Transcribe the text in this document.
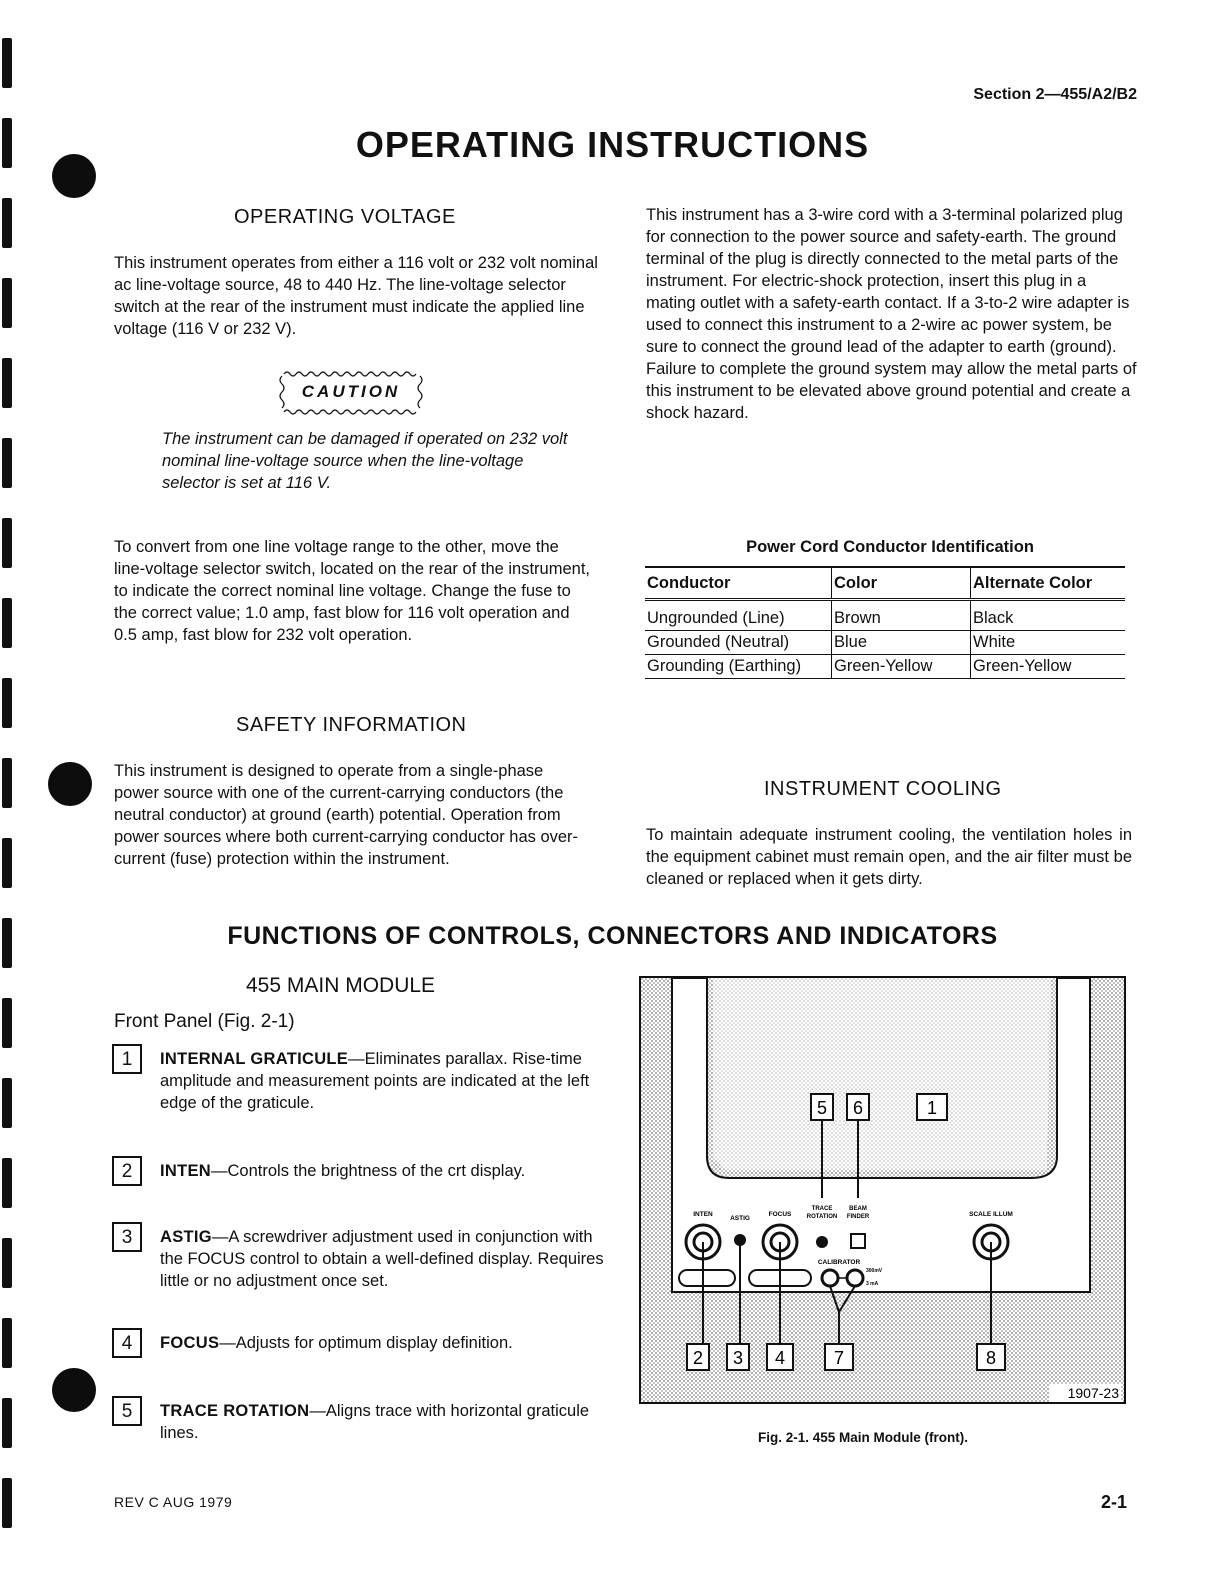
Section 2—455/A2/B2
OPERATING INSTRUCTIONS
OPERATING VOLTAGE

This instrument operates from either a 116 volt or 232 volt nominal ac line-voltage source, 48 to 440 Hz. The line-voltage selector switch at the rear of the instrument must indicate the applied line voltage (116 V or 232 V).

CAUTION
The instrument can be damaged if operated on 232 volt nominal line-voltage source when the line-voltage selector is set at 116 V.

To convert from one line voltage range to the other, move the line-voltage selector switch, located on the rear of the instrument, to indicate the correct nominal line voltage. Change the fuse to the correct value; 1.0 amp, fast blow for 116 volt operation and 0.5 amp, fast blow for 232 volt operation.

This instrument has a 3-wire cord with a 3-terminal polarized plug for connection to the power source and safety-earth. The ground terminal of the plug is directly connected to the metal parts of the instrument. For electric-shock protection, insert this plug in a mating outlet with a safety-earth contact. If a 3-to-2 wire adapter is used to connect this instrument to a 2-wire ac power system, be sure to connect the ground lead of the adapter to earth (ground). Failure to complete the ground system may allow the metal parts of this instrument to be elevated above ground potential and create a shock hazard.

Power Cord Conductor Identification
Conductor	Color	Alternate Color
Ungrounded (Line)	Brown	Black
Grounded (Neutral)	Blue	White
Grounding (Earthing)	Green-Yellow	Green-Yellow
SAFETY INFORMATION

This instrument is designed to operate from a single-phase power source with one of the current-carrying conductors (the neutral conductor) at ground (earth) potential. Operation from power sources where both current-carrying conductor has over-current (fuse) protection within the instrument.

INSTRUMENT COOLING

To maintain adequate instrument cooling, the ventilation holes in the equipment cabinet must remain open, and the air filter must be cleaned or replaced when it gets dirty.

FUNCTIONS OF CONTROLS, CONNECTORS AND INDICATORS
455 MAIN MODULE
Front Panel (Fig. 2-1)
1	INTERNAL GRATICULE—Eliminates parallax. Rise-time amplitude and measurement points are indicated at the left edge of the graticule.
2	INTEN—Controls the brightness of the crt display.
3	ASTIG—A screwdriver adjustment used in conjunction with the FOCUS control to obtain a well-defined display. Requires little or no adjustment once set.
4	FOCUS—Adjusts for optimum display definition.
5	TRACE ROTATION—Aligns trace with horizontal graticule lines.
5 6	1
INTEN
ASTIG
FOCUS
TRACE
ROTATION
BEAM
FINDER	SCALE ILLUM
CALIBRATOR
300mV
3 mA
2 3 4	7	8
1907-23
Fig. 2-1. 455 Main Module (front).
REV C AUG 1979	2-1
